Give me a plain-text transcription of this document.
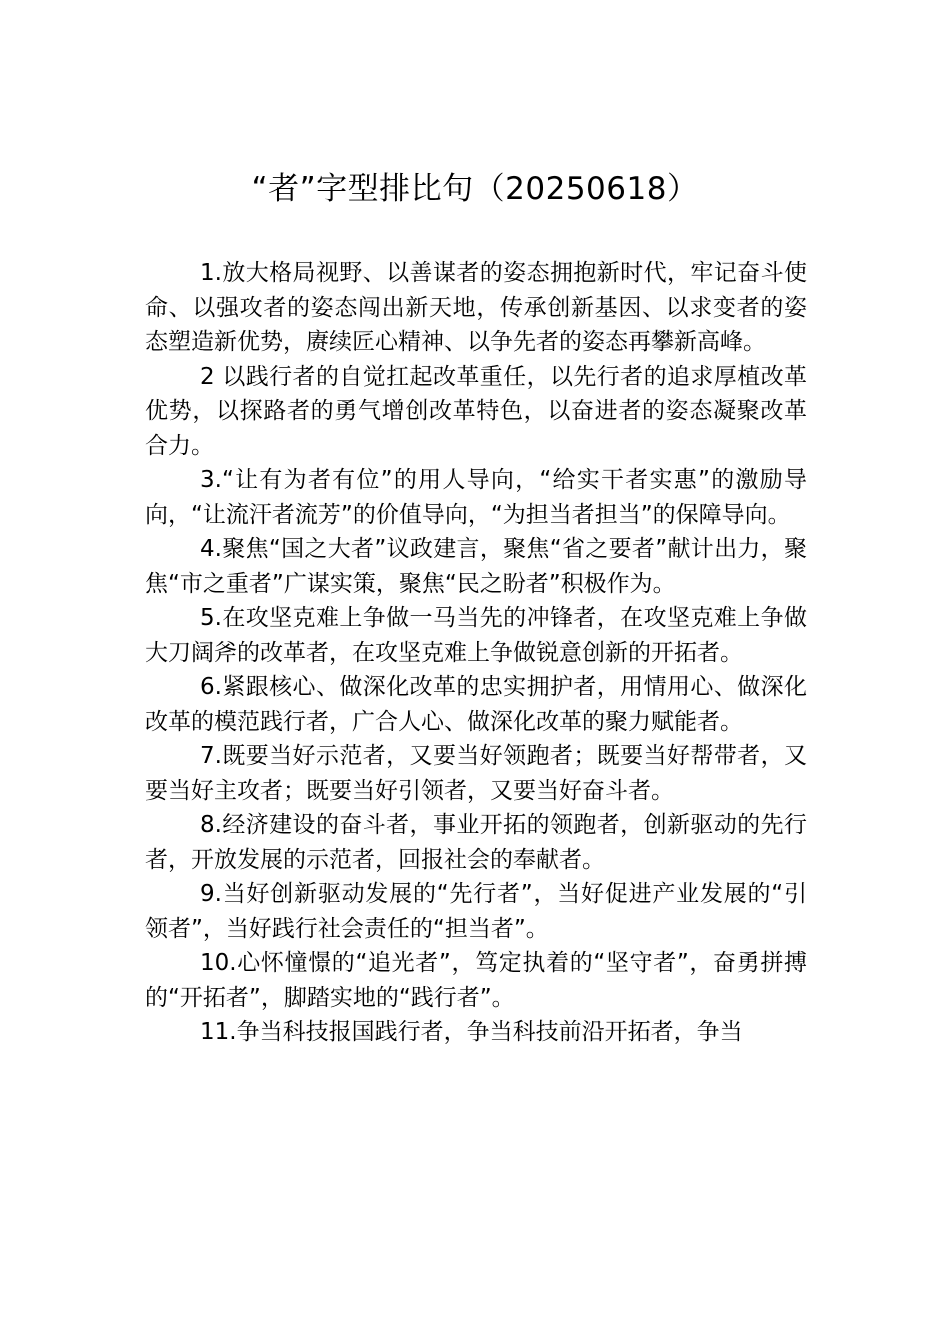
“者”字型排比句（20250618）

1.放大格局视野、以善谋者的姿态拥抱新时代，牢记奋斗使命、以强攻者的姿态闯出新天地，传承创新基因、以求变者的姿态塑造新优势，赓续匠心精神、以争先者的姿态再攀新高峰。

2 以践行者的自觉扛起改革重任，以先行者的追求厚植改革优势，以探路者的勇气增创改革特色，以奋进者的姿态凝聚改革合力。

3.“让有为者有位”的用人导向，“给实干者实惠”的激励导向，“让流汗者流芳”的价值导向，“为担当者担当”的保障导向。

4.聚焦“国之大者”议政建言，聚焦“省之要者”献计出力，聚焦“市之重者”广谋实策，聚焦“民之盼者”积极作为。

5.在攻坚克难上争做一马当先的冲锋者，在攻坚克难上争做大刀阔斧的改革者，在攻坚克难上争做锐意创新的开拓者。

6.紧跟核心、做深化改革的忠实拥护者，用情用心、做深化改革的模范践行者，广合人心、做深化改革的聚力赋能者。

7.既要当好示范者，又要当好领跑者；既要当好帮带者，又要当好主攻者；既要当好引领者，又要当好奋斗者。

8.经济建设的奋斗者，事业开拓的领跑者，创新驱动的先行者，开放发展的示范者，回报社会的奉献者。

9.当好创新驱动发展的“先行者”，当好促进产业发展的“引领者”，当好践行社会责任的“担当者”。

10.心怀憧憬的“追光者”，笃定执着的“坚守者”，奋勇拼搏的“开拓者”，脚踏实地的“践行者”。

11.争当科技报国践行者，争当科技前沿开拓者，争当
